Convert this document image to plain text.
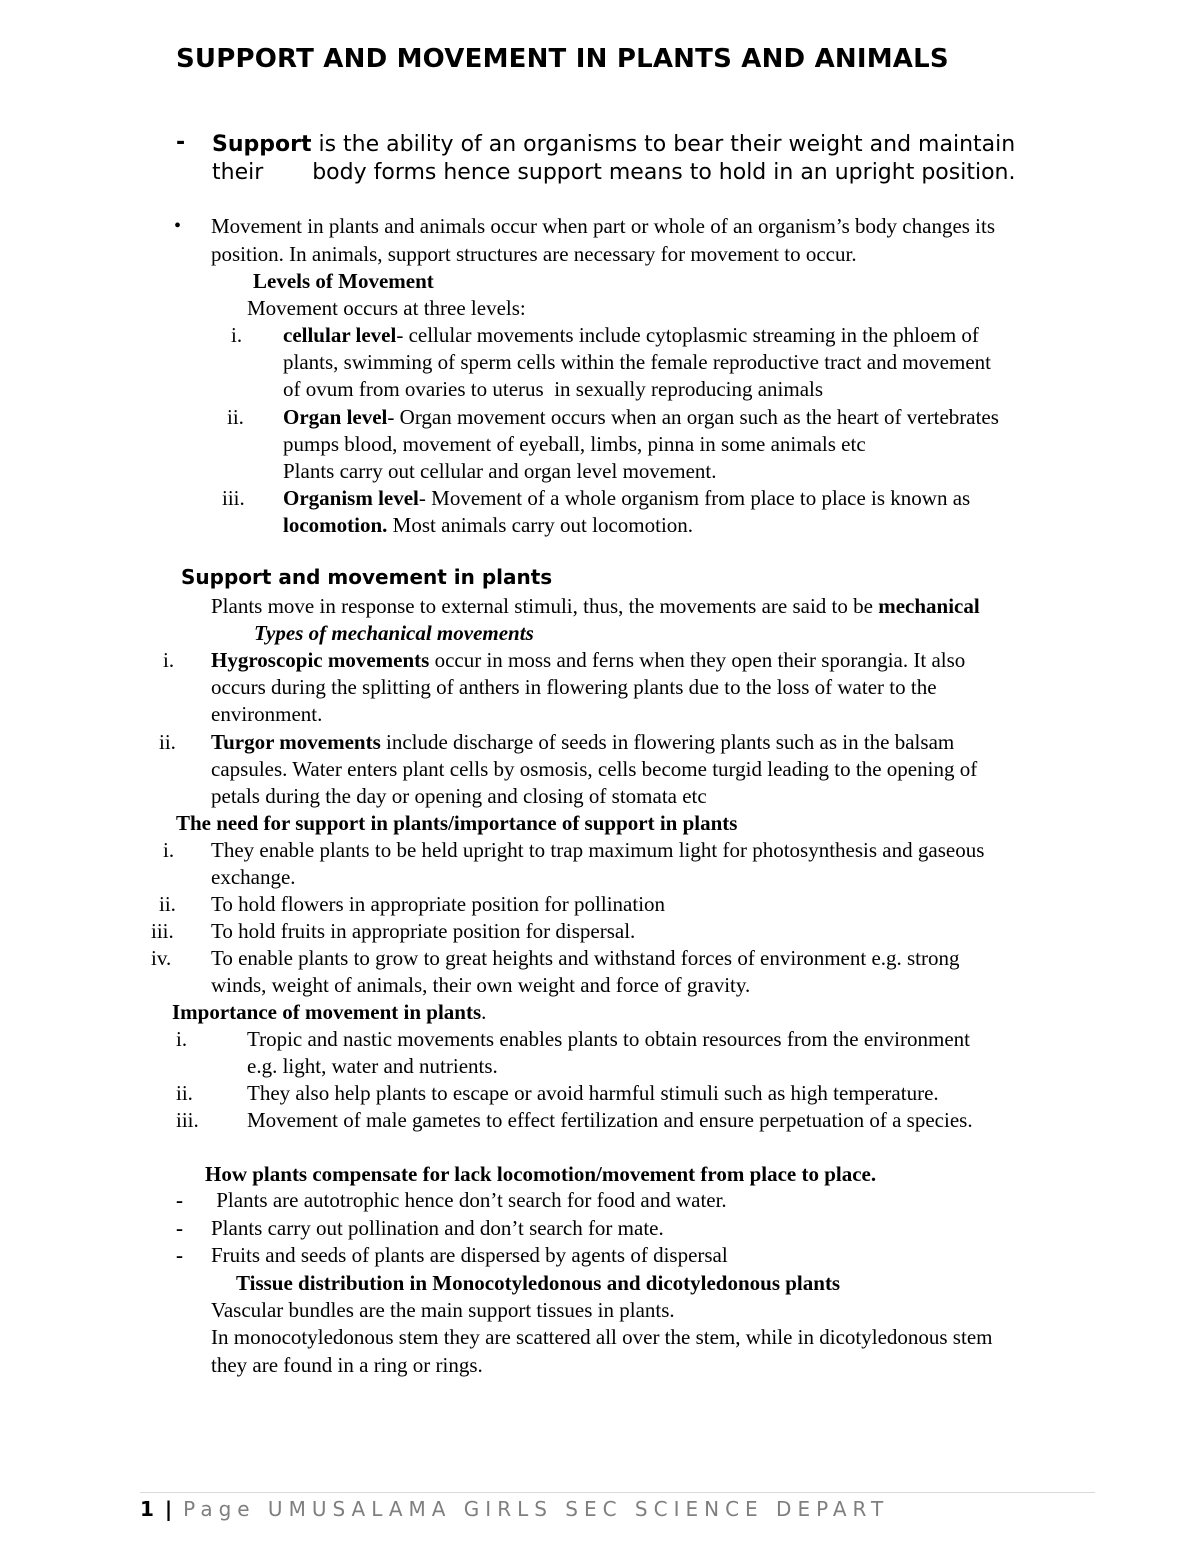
SUPPORT AND MOVEMENT IN PLANTS AND ANIMALS
- Support is the ability of an organisms to bear their weight and maintain
their       body forms hence support means to hold in an upright position.
• Movement in plants and animals occur when part or whole of an organism’s body changes its
position. In animals, support structures are necessary for movement to occur.
Levels of Movement
Movement occurs at three levels:
i. cellular level- cellular movements include cytoplasmic streaming in the phloem of
plants, swimming of sperm cells within the female reproductive tract and movement
of ovum from ovaries to uterus  in sexually reproducing animals
ii. Organ level- Organ movement occurs when an organ such as the heart of vertebrates
pumps blood, movement of eyeball, limbs, pinna in some animals etc
Plants carry out cellular and organ level movement.
iii. Organism level- Movement of a whole organism from place to place is known as
locomotion. Most animals carry out locomotion.
Support and movement in plants
Plants move in response to external stimuli, thus, the movements are said to be mechanical
Types of mechanical movements
i. Hygroscopic movements occur in moss and ferns when they open their sporangia. It also
occurs during the splitting of anthers in flowering plants due to the loss of water to the
environment.
ii. Turgor movements include discharge of seeds in flowering plants such as in the balsam
capsules. Water enters plant cells by osmosis, cells become turgid leading to the opening of
petals during the day or opening and closing of stomata etc
The need for support in plants/importance of support in plants
i. They enable plants to be held upright to trap maximum light for photosynthesis and gaseous
exchange.
ii. To hold flowers in appropriate position for pollination
iii. To hold fruits in appropriate position for dispersal.
iv. To enable plants to grow to great heights and withstand forces of environment e.g. strong
winds, weight of animals, their own weight and force of gravity.
Importance of movement in plants.
i.	Tropic and nastic movements enables plants to obtain resources from the environment
e.g. light, water and nutrients.
ii.	They also help plants to escape or avoid harmful stimuli such as high temperature.
iii. Movement of male gametes to effect fertilization and ensure perpetuation of a species.
How plants compensate for lack locomotion/movement from place to place.
- Plants are autotrophic hence don’t search for food and water.
- Plants carry out pollination and don’t search for mate.
- Fruits and seeds of plants are dispersed by agents of dispersal
Tissue distribution in Monocotyledonous and dicotyledonous plants
Vascular bundles are the main support tissues in plants.
In monocotyledonous stem they are scattered all over the stem, while in dicotyledonous stem
they are found in a ring or rings.
1 | Page UMUSALAMA GIRLS SEC SCIENCE DEPART
